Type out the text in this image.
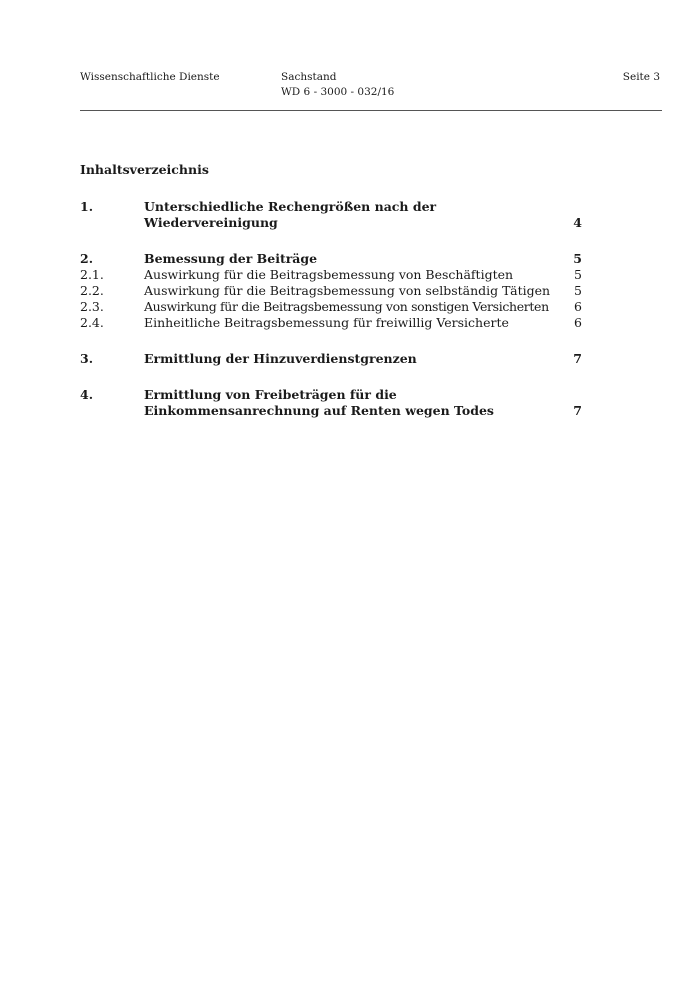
Wissenschaftliche Dienste	Sachstand
WD 6 - 3000 - 032/16
Seite 3
Inhaltsverzeichnis
1.	Unterschiedliche Rechengrößen nach der
Wiedervereinigung	4
2.	Bemessung der Beiträge	5
2.1.	Auswirkung für die Beitragsbemessung von Beschäftigten	5
2.2.	Auswirkung für die Beitragsbemessung von selbständig Tätigen	5
2.3.	Auswirkung für die Beitragsbemessung von sonstigen Versicherten	6
2.4.	Einheitliche Beitragsbemessung für freiwillig Versicherte	6
3.	Ermittlung der Hinzuverdienstgrenzen	7
4.	Ermittlung von Freibeträgen für die
Einkommensanrechnung auf Renten wegen Todes	7
